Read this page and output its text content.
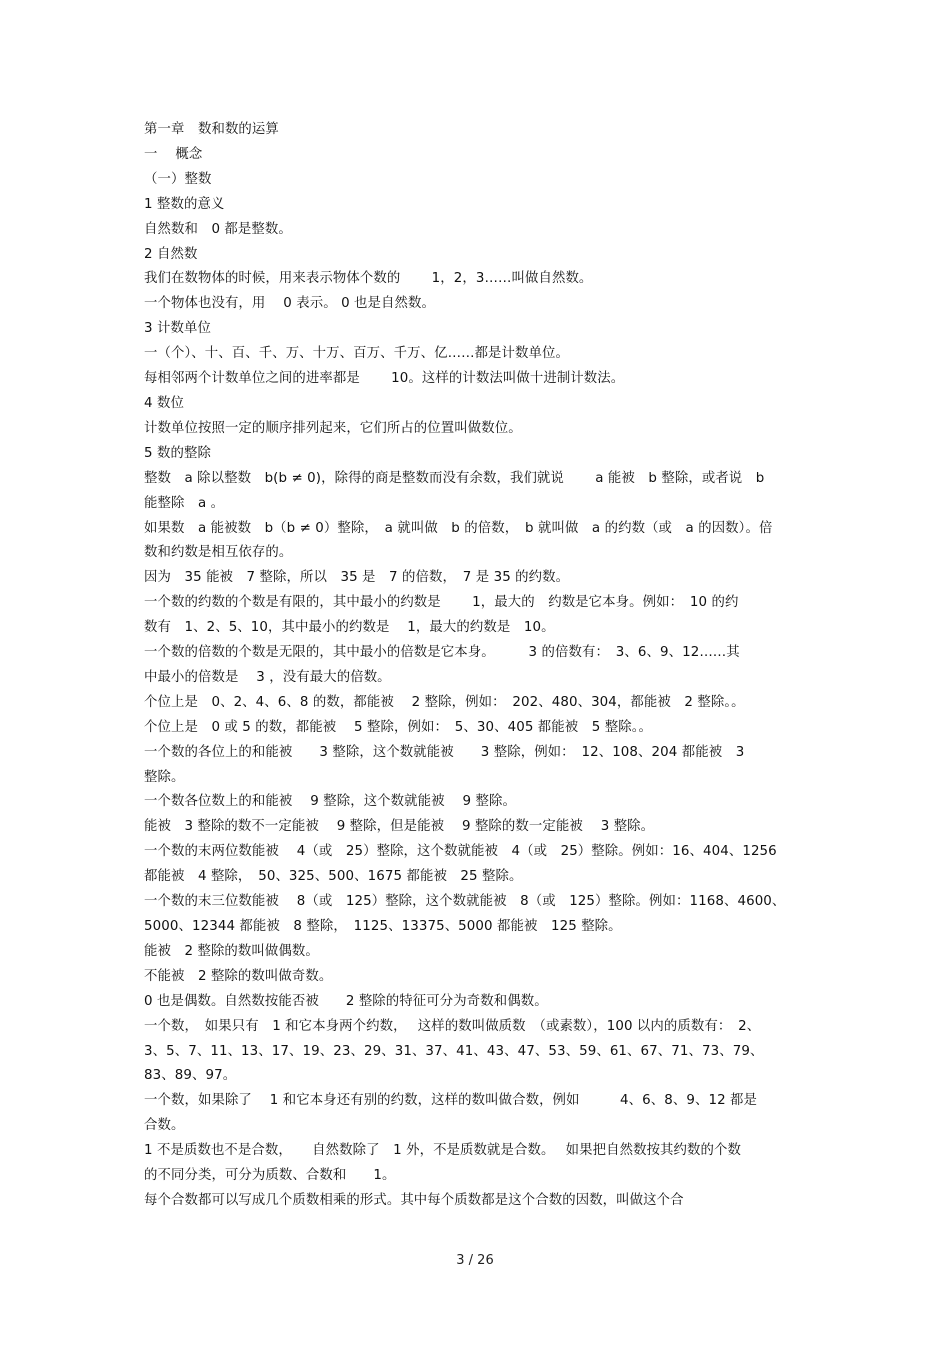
第一章　数和数的运算
一　 概念
（一）整数
1 整数的意义
自然数和　0 都是整数。
2 自然数
我们在数物体的时候，用来表示物体个数的　　 1，2，3……叫做自然数。
一个物体也没有，用　 0 表示。 0 也是自然数。
3 计数单位
一（个）、十、百、千、万、十万、百万、千万、亿……都是计数单位。
每相邻两个计数单位之间的进率都是　　 10。这样的计数法叫做十进制计数法。
4 数位
计数单位按照一定的顺序排列起来，它们所占的位置叫做数位。
5 数的整除
整数　a 除以整数　b(b ≠ 0)，除得的商是整数而没有余数，我们就说　　 a 能被　b 整除，或者说　b
能整除　a 。
如果数　a 能被数　b（b ≠ 0）整除，　a 就叫做　b 的倍数，　b 就叫做　a 的约数（或　a 的因数）。倍
数和约数是相互依存的。
因为　35 能被　7 整除，所以　35 是　7 的倍数，　7 是 35 的约数。
一个数的约数的个数是有限的，其中最小的约数是　　 1，最大的　约数是它本身。例如：　10 的约
数有　1、2、5、10，其中最小的约数是　 1，最大的约数是　10。
一个数的倍数的个数是无限的，其中最小的倍数是它本身。　　　3 的倍数有：　3、6、9、12……其
中最小的倍数是　 3 ，没有最大的倍数。
个位上是　0、2、4、6、8 的数，都能被　 2 整除，例如：　202、480、304，都能被　2 整除。。
个位上是　0 或 5 的数，都能被　 5 整除，例如：　5、30、405 都能被　5 整除。。
一个数的各位上的和能被　　3 整除，这个数就能被　　3 整除，例如：　12、108、204 都能被　3
整除。
一个数各位数上的和能被　 9 整除，这个数就能被　 9 整除。
能被　3 整除的数不一定能被　 9 整除，但是能被　 9 整除的数一定能被　 3 整除。
一个数的末两位数能被　 4（或　25）整除，这个数就能被　4（或　25）整除。例如：16、404、1256
都能被　4 整除，　50、325、500、1675 都能被　25 整除。
一个数的末三位数能被　 8（或　125）整除，这个数就能被　8（或　125）整除。例如：1168、4600、
5000、12344 都能被　8 整除，　1125、13375、5000 都能被　125 整除。
能被　2 整除的数叫做偶数。
不能被　2 整除的数叫做奇数。
0 也是偶数。自然数按能否被　　2 整除的特征可分为奇数和偶数。
一个数，　如果只有　1 和它本身两个约数，　 这样的数叫做质数　（或素数），100 以内的质数有：　2、
3、5、7、11、13、17、19、23、29、31、37、41、43、47、53、59、61、67、71、73、79、
83、89、97。
一个数，如果除了　 1 和它本身还有别的约数，这样的数叫做合数，例如　　　4、6、8、9、12 都是
合数。
1 不是质数也不是合数，　　自然数除了　1 外，不是质数就是合数。　 如果把自然数按其约数的个数
的不同分类，可分为质数、合数和　　1。
每个合数都可以写成几个质数相乘的形式。其中每个质数都是这个合数的因数，叫做这个合
3 / 26
